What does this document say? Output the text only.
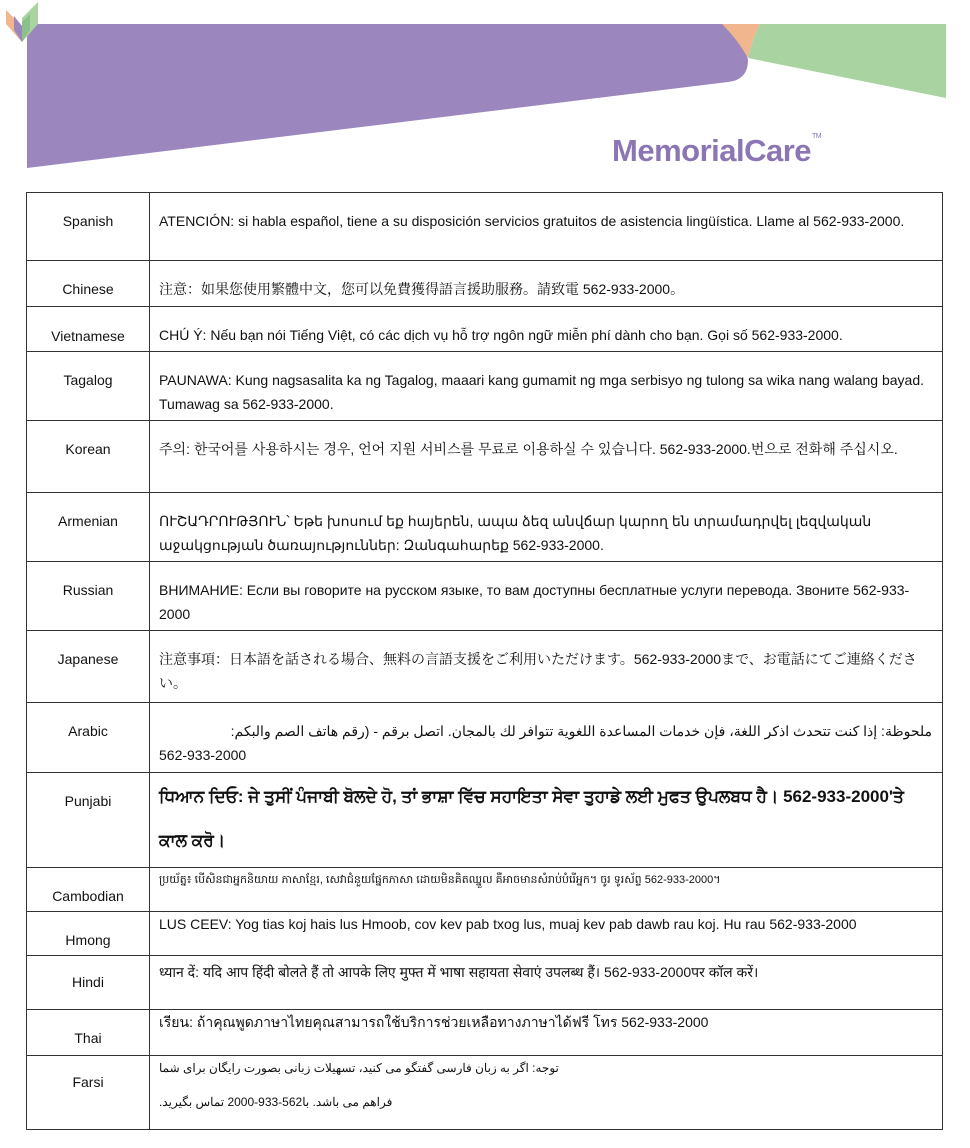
MemorialCare™
Spanish	ATENCIÓN: si habla español, tiene a su disposición servicios gratuitos de asistencia lingüística. Llame al 562-933-2000.

Chinese	注意：如果您使用繁體中文，您可以免費獲得語言援助服務。請致電 562-933-2000。

Vietnamese	CHÚ Ý: Nếu bạn nói Tiếng Việt, có các dịch vụ hỗ trợ ngôn ngữ miễn phí dành cho bạn. Gọi số 562-933-2000.

Tagalog	PAUNAWA: Kung nagsasalita ka ng Tagalog, maaari kang gumamit ng mga serbisyo ng tulong sa wika nang walang bayad. Tumawag sa 562-933-2000.

Korean	주의: 한국어를 사용하시는 경우, 언어 지원 서비스를 무료로 이용하실 수 있습니다. 562-933-2000.번으로 전화해 주십시오.

Armenian	ՈՒՇԱԴՐՈՒԹՅՈՒՆ՝ Եթե խոսում եք հայերեն, ապա ձեզ անվճար կարող են տրամադրվել լեզվական աջակցության ծառայություններ: Զանգահարեք 562-933-2000.

Russian	ВНИМАНИЕ: Если вы говорите на русском языке, то вам доступны бесплатные услуги перевода. Звоните 562-933-2000

Japanese	注意事項：日本語を話される場合、無料の言語支援をご利用いただけます。562-933-2000まで、お電話にてご連絡ください。

Arabic	ملحوظة: إذا كنت تتحدث اذكر اللغة، فإن خدمات المساعدة اللغوية تتوافر لك بالمجان. اتصل برقم - (رقم هاتف الصم والبكم:
562-933-2000

Punjabi	ਧਿਆਨ ਦਿਓ: ਜੇ ਤੁਸੀਂ ਪੰਜਾਬੀ ਬੋਲਦੇ ਹੋ, ਤਾਂ ਭਾਸ਼ਾ ਵਿੱਚ ਸਹਾਇਤਾ ਸੇਵਾ ਤੁਹਾਡੇ ਲਈ ਮੁਫਤ ਉਪਲਬਧ ਹੈ। 562-933-2000'ਤੇ ਕਾਲ ਕਰੋ।

Cambodian	ប្រយ័ត្ន៖ បើសិនជាអ្នកនិយាយ ភាសាខ្មែរ, សេវាជំនួយផ្នែកភាសា ដោយមិនគិតឈ្នួល គឺអាចមានសំរាប់បំរើអ្នក។ ចូរ ទូរស័ព្ទ 562-933-2000។

Hmong	LUS CEEV: Yog tias koj hais lus Hmoob, cov kev pab txog lus, muaj kev pab dawb rau koj. Hu rau 562-933-2000

Hindi	ध्यान दें: यदि आप हिंदी बोलते हैं तो आपके लिए मुफ्त में भाषा सहायता सेवाएं उपलब्ध हैं। 562-933-2000पर कॉल करें।

Thai	เรียน: ถ้าคุณพูดภาษาไทยคุณสามารถใช้บริการช่วยเหลือทางภาษาได้ฟรี โทร 562-933-2000

Farsi	توجه: اگر به زبان فارسی گفتگو می کنید، تسهیلات زبانی بصورت رایگان برای شما
فراهم می باشد. با562-933-2000 تماس بگیرید.
